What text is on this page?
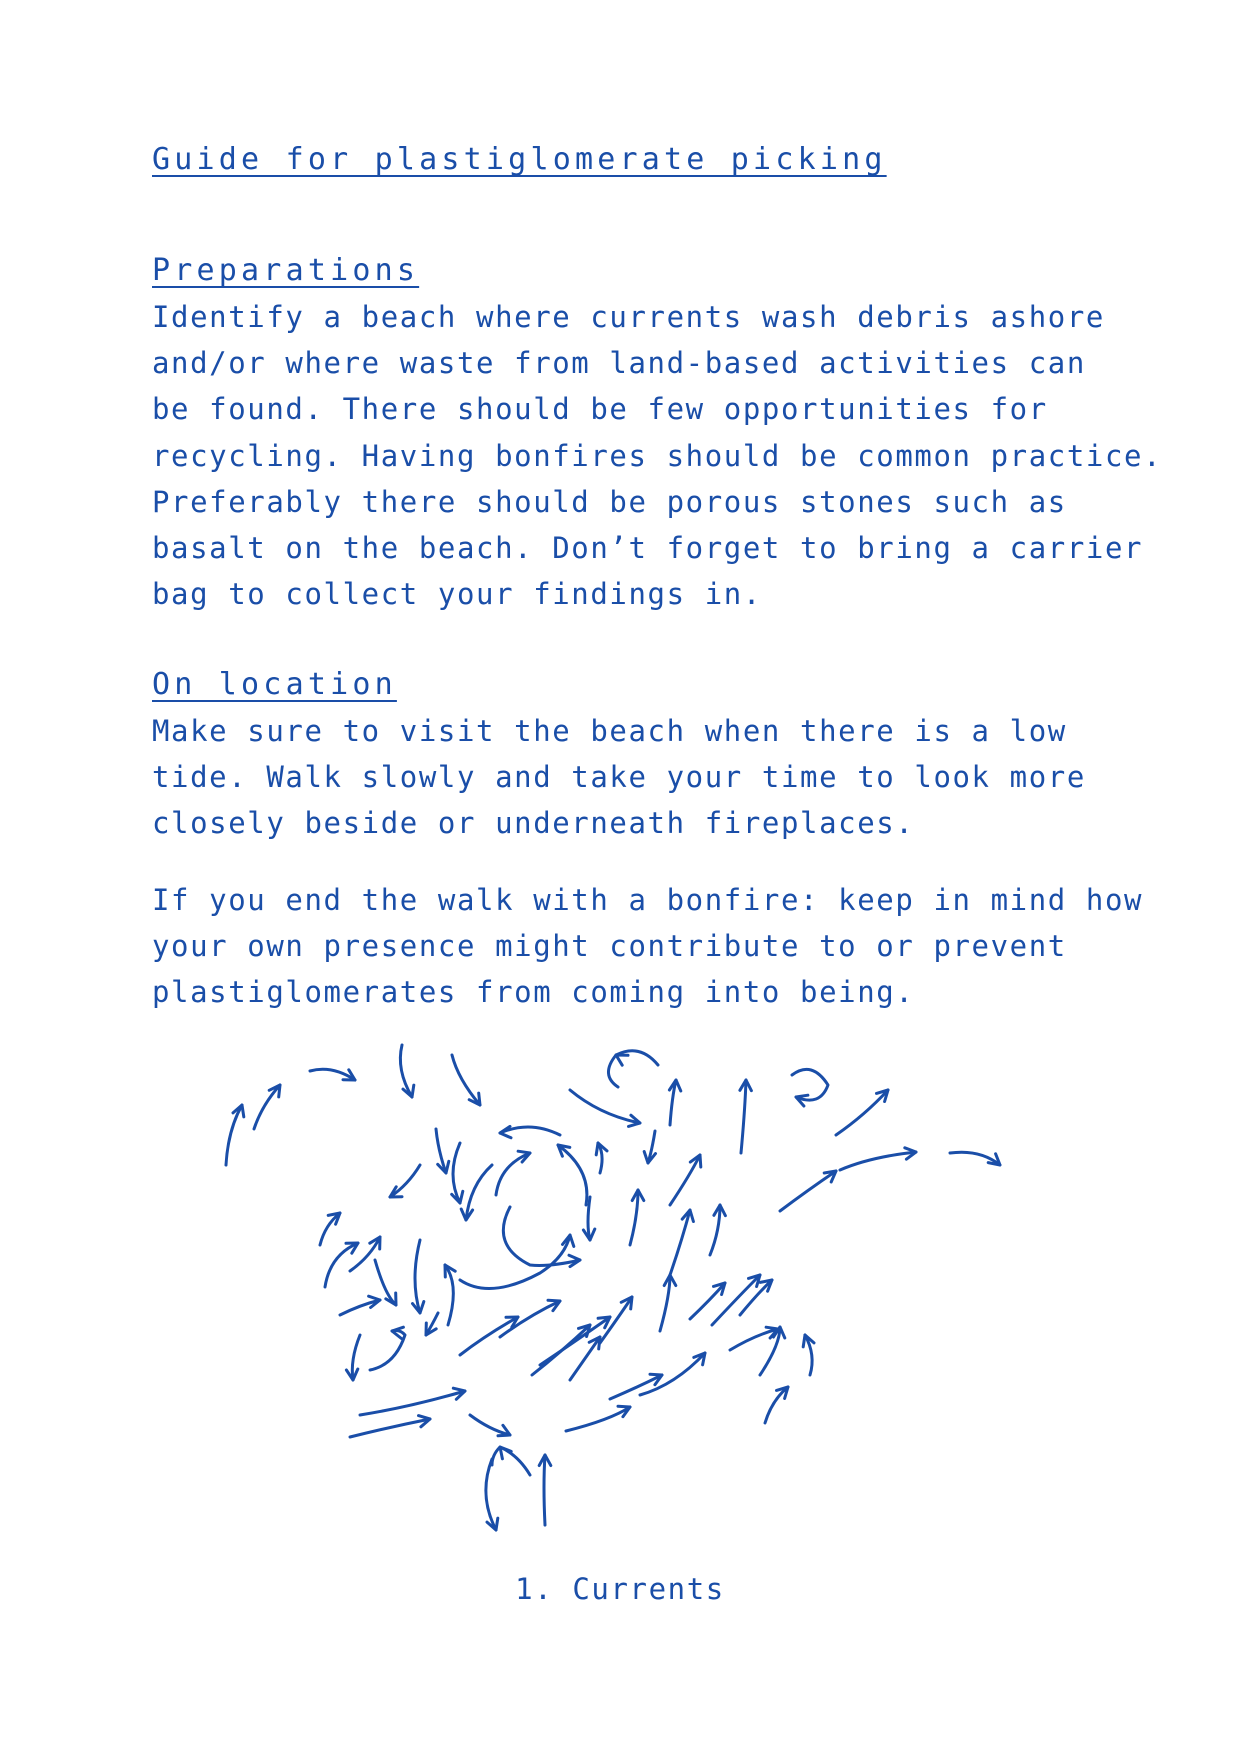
Guide for plastiglomerate picking
Preparations
Identify a beach where currents wash debris ashore
and/or where waste from land-based activities can
be found. There should be few opportunities for
recycling. Having bonfires should be common practice.
Preferably there should be porous stones such as
basalt on the beach. Don’t forget to bring a carrier
bag to collect your findings in.
On location
Make sure to visit the beach when there is a low
tide. Walk slowly and take your time to look more
closely beside or underneath fireplaces.
If you end the walk with a bonfire: keep in mind how
your own presence might contribute to or prevent
plastiglomerates from coming into being.
1. Currents
